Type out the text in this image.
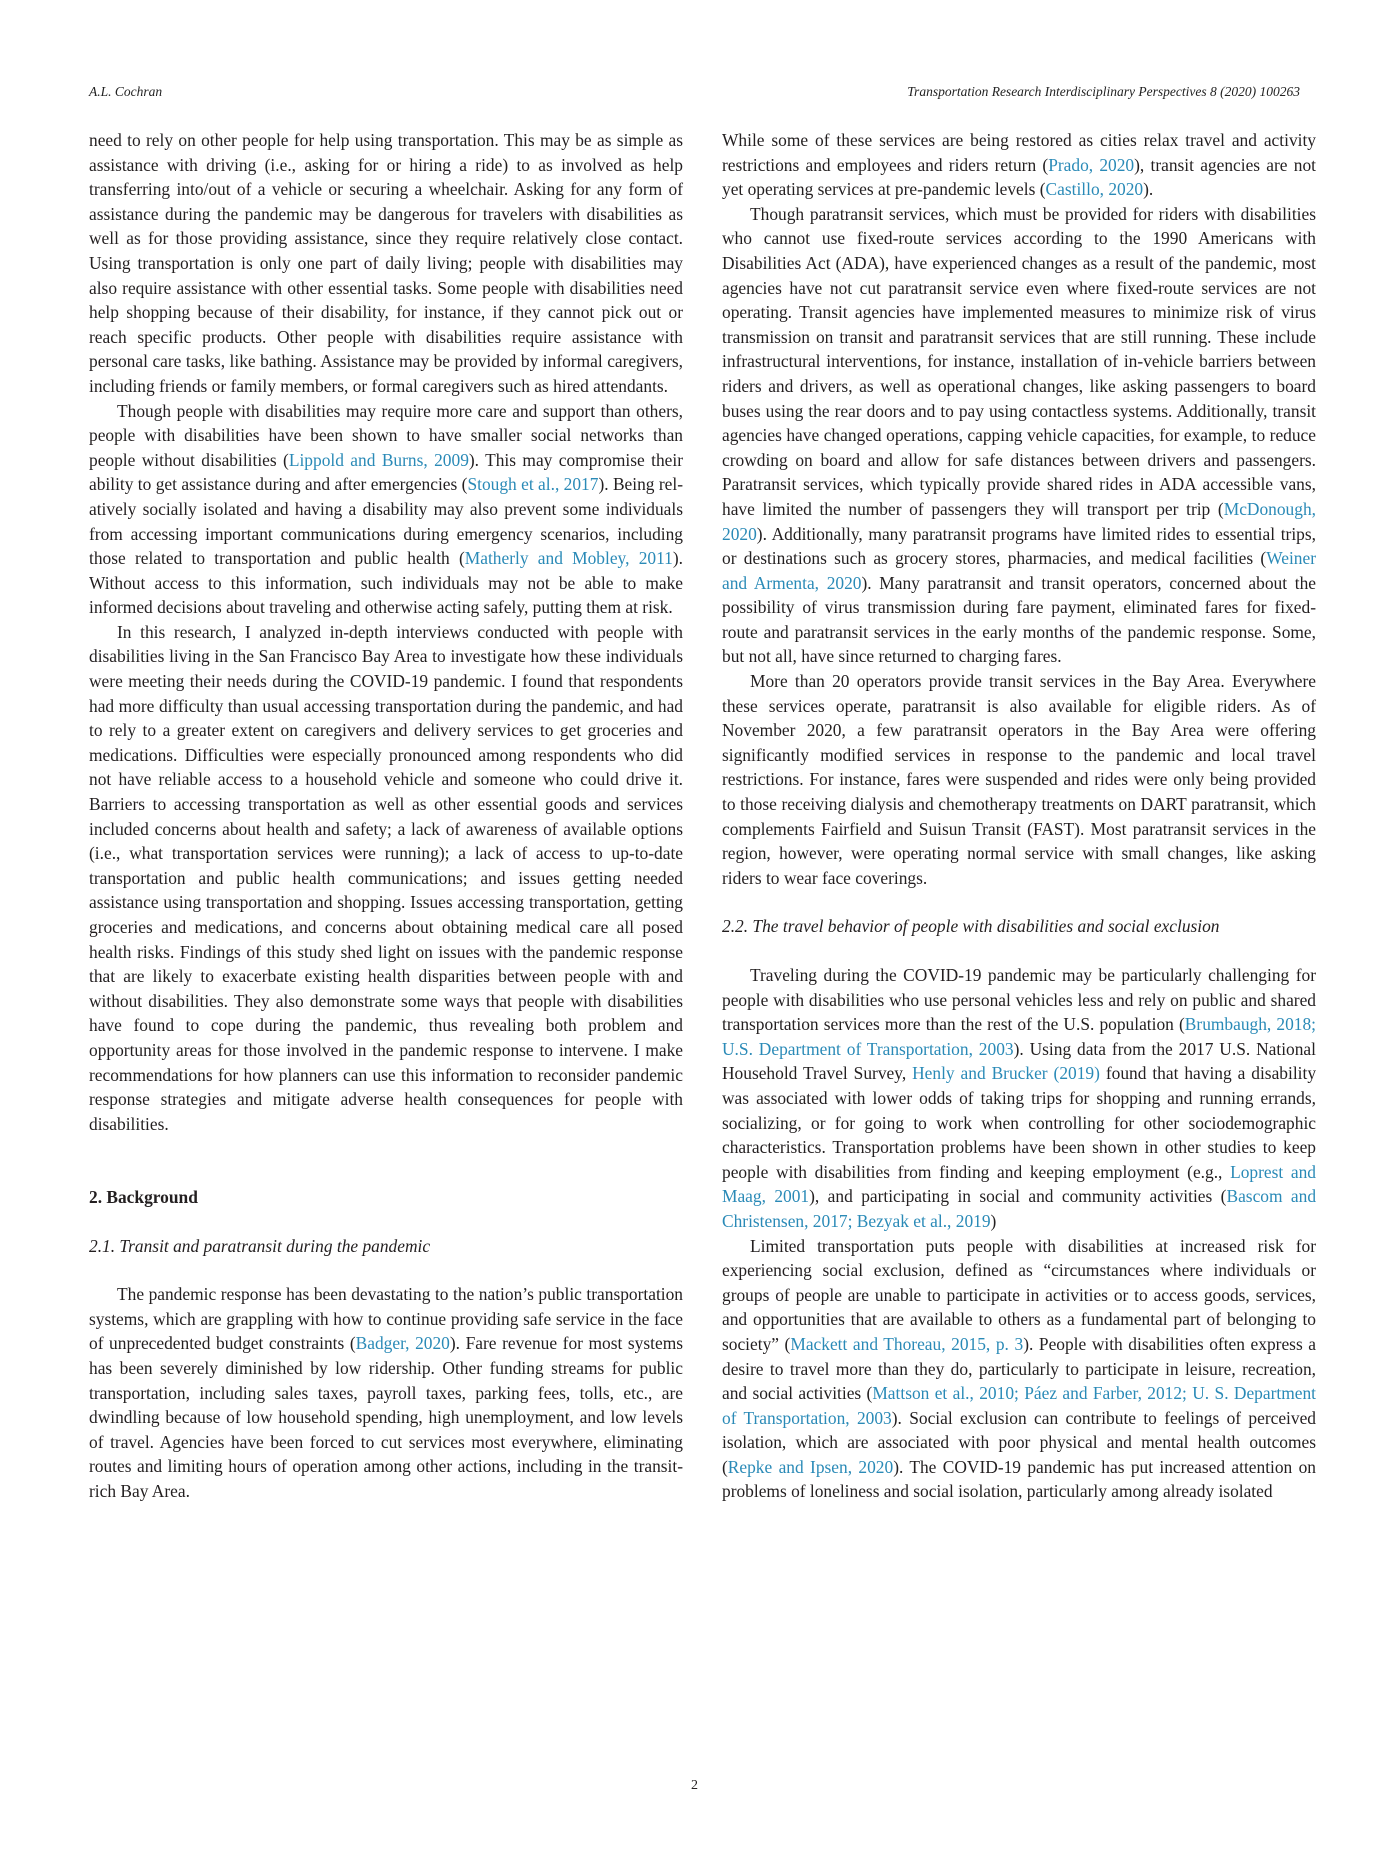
A.L. Cochran	Transportation Research Interdisciplinary Perspectives 8 (2020) 100263

need to rely on other people for help using transportation. This may be as simple as assistance with driving (i.e., asking for or hiring a ride) to as involved as help transferring into/out of a vehicle or securing a wheelchair. Asking for any form of assistance during the pandemic may be dangerous for travelers with disabilities as well as for those providing assistance, since they require relatively close contact. Using transportation is only one part of daily living; people with disabilities may also require assistance with other essential tasks. Some people with disabilities need help shopping because of their disability, for instance, if they cannot pick out or reach specific products. Other people with disabilities require assistance with personal care tasks, like bathing. Assistance may be provided by informal caregivers, including friends or family members, or formal caregivers such as hired attendants.

Though people with disabilities may require more care and support than others, people with disabilities have been shown to have smaller social networks than people without disabilities (Lippold and Burns, 2009). This may compromise their ability to get assistance during and after emergencies (Stough et al., 2017). Being relatively socially isolated and having a disability may also prevent some individuals from accessing important communications during emergency scenarios, including those related to transportation and public health (Matherly and Mobley, 2011). Without access to this information, such individuals may not be able to make informed decisions about traveling and otherwise acting safely, putting them at risk.

In this research, I analyzed in-depth interviews conducted with people with disabilities living in the San Francisco Bay Area to investigate how these individuals were meeting their needs during the COVID-19 pandemic. I found that respondents had more difficulty than usual accessing transportation during the pandemic, and had to rely to a greater extent on caregivers and delivery services to get groceries and medications. Difficulties were especially pronounced among respondents who did not have reliable access to a household vehicle and someone who could drive it. Barriers to accessing transportation as well as other essential goods and services included concerns about health and safety; a lack of awareness of available options (i.e., what transportation services were running); a lack of access to up-to-date transportation and public health communications; and issues getting needed assistance using transportation and shopping. Issues accessing transportation, getting groceries and medications, and concerns about obtaining medical care all posed health risks. Findings of this study shed light on issues with the pandemic response that are likely to exacerbate existing health disparities between people with and without disabilities. They also demonstrate some ways that people with disabilities have found to cope during the pandemic, thus revealing both problem and opportunity areas for those involved in the pandemic response to intervene. I make recommendations for how planners can use this information to reconsider pandemic response strategies and mitigate adverse health consequences for people with disabilities.

2. Background
2.1. Transit and paratransit during the pandemic

The pandemic response has been devastating to the nation’s public transportation systems, which are grappling with how to continue providing safe service in the face of unprecedented budget constraints (Badger, 2020). Fare revenue for most systems has been severely diminished by low ridership. Other funding streams for public transportation, including sales taxes, payroll taxes, parking fees, tolls, etc., are dwindling because of low household spending, high unemployment, and low levels of travel. Agencies have been forced to cut services most everywhere, eliminating routes and limiting hours of operation among other actions, including in the transit-rich Bay Area.

While some of these services are being restored as cities relax travel and activity restrictions and employees and riders return (Prado, 2020), transit agencies are not yet operating services at pre-pandemic levels (Castillo, 2020).

Though paratransit services, which must be provided for riders with disabilities who cannot use fixed-route services according to the 1990 Americans with Disabilities Act (ADA), have experienced changes as a result of the pandemic, most agencies have not cut paratransit service even where fixed-route services are not operating. Transit agencies have implemented measures to minimize risk of virus transmission on transit and paratransit services that are still running. These include infrastructural interventions, for instance, installation of in-vehicle barriers between riders and drivers, as well as operational changes, like asking passengers to board buses using the rear doors and to pay using contactless systems. Additionally, transit agencies have changed operations, capping vehicle capacities, for example, to reduce crowding on board and allow for safe distances between drivers and passengers. Paratransit services, which typically provide shared rides in ADA accessible vans, have limited the number of passengers they will transport per trip (McDonough, 2020). Additionally, many paratransit programs have limited rides to essential trips, or destinations such as grocery stores, pharmacies, and medical facilities (Weiner and Armenta, 2020). Many paratransit and transit operators, concerned about the possibility of virus transmission during fare payment, eliminated fares for fixed-route and paratransit services in the early months of the pandemic response. Some, but not all, have since returned to charging fares.

More than 20 operators provide transit services in the Bay Area. Everywhere these services operate, paratransit is also available for eligible riders. As of November 2020, a few paratransit operators in the Bay Area were offering significantly modified services in response to the pandemic and local travel restrictions. For instance, fares were suspended and rides were only being provided to those receiving dialysis and chemotherapy treatments on DART paratransit, which complements Fairfield and Suisun Transit (FAST). Most paratransit services in the region, however, were operating normal service with small changes, like asking riders to wear face coverings.

2.2. The travel behavior of people with disabilities and social exclusion

Traveling during the COVID-19 pandemic may be particularly challenging for people with disabilities who use personal vehicles less and rely on public and shared transportation services more than the rest of the U.S. population (Brumbaugh, 2018; U.S. Department of Transportation, 2003). Using data from the 2017 U.S. National Household Travel Survey, Henly and Brucker (2019) found that having a disability was associated with lower odds of taking trips for shopping and running errands, socializing, or for going to work when controlling for other sociodemographic characteristics. Transportation problems have been shown in other studies to keep people with disabilities from finding and keeping employment (e.g., Loprest and Maag, 2001), and participating in social and community activities (Bascom and Christensen, 2017; Bezyak et al., 2019)

Limited transportation puts people with disabilities at increased risk for experiencing social exclusion, defined as “circumstances where individuals or groups of people are unable to participate in activities or to access goods, services, and opportunities that are available to others as a fundamental part of belonging to society” (Mackett and Thoreau, 2015, p. 3). People with disabilities often express a desire to travel more than they do, particularly to participate in leisure, recreation, and social activities (Mattson et al., 2010; Páez and Farber, 2012; U. S. Department of Transportation, 2003). Social exclusion can contribute to feelings of perceived isolation, which are associated with poor physical and mental health outcomes (Repke and Ipsen, 2020). The COVID-19 pandemic has put increased attention on problems of loneliness and social isolation, particularly among already isolated

2
